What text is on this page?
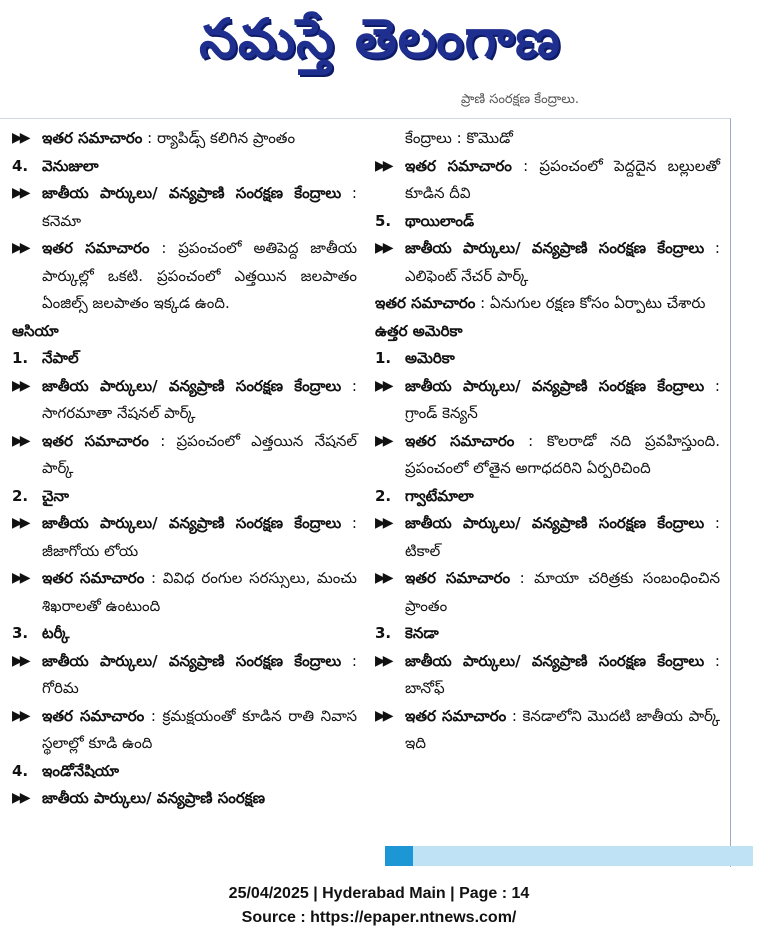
నమస్తే తెలంగాణ
ప్రాణి సంరక్షణ కేంద్రాలు.
▶▶ ఇతర సమాచారం : ర్యాపిడ్స్ కలిగిన ప్రాంతం
4. వెనుజులా
▶▶ జాతీయ పార్కులు/ వన్యప్రాణి సంరక్షణ కేంద్రాలు : కనెమా
▶▶ ఇతర సమాచారం : ప్రపంచంలో అతిపెద్ద జాతీయ పార్కుల్లో ఒకటి. ప్రపంచంలో ఎత్తయిన జలపాతం ఏంజిల్స్ జలపాతం ఇక్కడ ఉంది.
ఆసియా
1. నేపాల్
▶▶ జాతీయ పార్కులు/ వన్యప్రాణి సంరక్షణ కేంద్రాలు : సాగరమాతా నేషనల్ పార్క్
▶▶ ఇతర సమాచారం : ప్రపంచంలో ఎత్తయిన నేషనల్ పార్క్
2. చైనా
▶▶ జాతీయ పార్కులు/ వన్యప్రాణి సంరక్షణ కేంద్రాలు : జీజాగోయ లోయ
▶▶ ఇతర సమాచారం : వివిధ రంగుల సరస్సులు, మంచు శిఖరాలతో ఉంటుంది
3. టర్కీ
▶▶ జాతీయ పార్కులు/ వన్యప్రాణి సంరక్షణ కేంద్రాలు : గోరిమ
▶▶ ఇతర సమాచారం : క్రమక్షయంతో కూడిన రాతి నివాస స్థలాల్లో కూడి ఉంది
4. ఇండోనేషియా
▶▶ జాతీయ పార్కులు/ వన్యప్రాణి సంరక్షణ
కేంద్రాలు : కొమొడో
▶▶ ఇతర సమాచారం : ప్రపంచంలో పెద్దదైన బల్లులతో కూడిన దీవి
5. థాయిలాండ్
▶▶ జాతీయ పార్కులు/ వన్యప్రాణి సంరక్షణ కేంద్రాలు : ఎలిఫెంట్ నేచర్ పార్క్
ఇతర సమాచారం : ఏనుగుల రక్షణ కోసం ఏర్పాటు చేశారు
ఉత్తర అమెరికా
1. అమెరికా
▶▶ జాతీయ పార్కులు/ వన్యప్రాణి సంరక్షణ కేంద్రాలు : గ్రాండ్ కెన్యన్
▶▶ ఇతర సమాచారం : కొలరాడో నది ప్రవహిస్తుంది. ప్రపంచంలో లోతైన అగాధదరిని ఏర్పరిచింది
2. గ్వాటేమాలా
▶▶ జాతీయ పార్కులు/ వన్యప్రాణి సంరక్షణ కేంద్రాలు : టికాల్
▶▶ ఇతర సమాచారం : మాయా చరిత్రకు సంబంధించిన ప్రాంతం
3. కెనడా
▶▶ జాతీయ పార్కులు/ వన్యప్రాణి సంరక్షణ కేంద్రాలు : బానోఫ్
▶▶ ఇతర సమాచారం : కెనడాలోని మొదటి జాతీయ పార్క్ ఇది
25/04/2025 | Hyderabad Main | Page : 14
Source : https://epaper.ntnews.com/
